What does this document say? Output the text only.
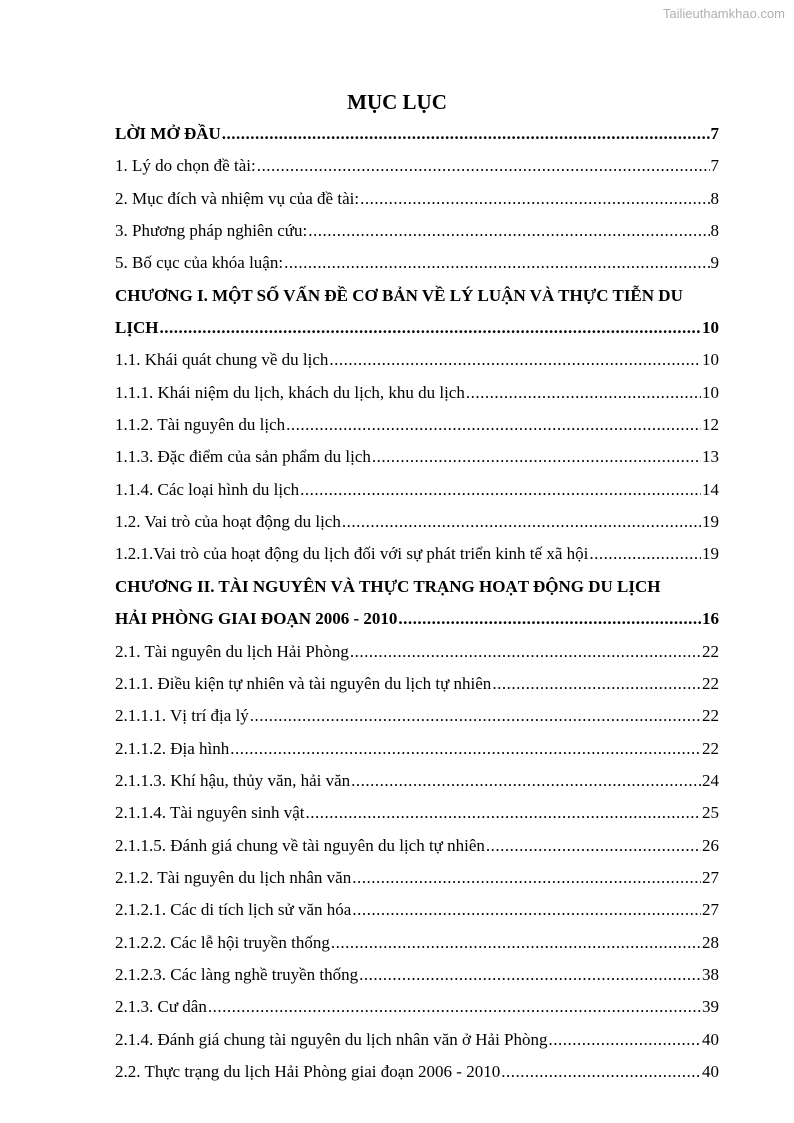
Tailieuthamkhao.com
MỤC LỤC
LỜI MỞ ĐẦU .....	7
1. Lý do chọn đề tài: .....	7
2. Mục đích và nhiệm vụ của đề tài: .....	8
3. Phương pháp nghiên cứu: .....	8
5. Bố cục của khóa luận: .....	9
CHƯƠNG I. MỘT SỐ VẤN ĐỀ CƠ BẢN VỀ LÝ LUẬN VÀ THỰC TIỄN DU
LỊCH .....	10
1.1. Khái quát chung về du lịch .....	10
1.1.1. Khái niệm du lịch, khách du lịch, khu du lịch .....	10
1.1.2. Tài nguyên du lịch .....	12
1.1.3. Đặc điểm của sản phẩm du lịch .....	13
1.1.4. Các loại hình du lịch .....	14
1.2. Vai trò của hoạt động du lịch .....	19
1.2.1.Vai trò của hoạt động du lịch đối với sự phát triển kinh tế xã hội .....	19
CHƯƠNG II. TÀI NGUYÊN VÀ THỰC TRẠNG HOẠT ĐỘNG DU LỊCH
HẢI PHÒNG GIAI ĐOẠN 2006 - 2010 .....	16
2.1. Tài nguyên du lịch Hải Phòng .....	22
2.1.1. Điều kiện tự nhiên và tài nguyên du lịch tự nhiên .....	22
2.1.1.1. Vị trí địa lý .....	22
2.1.1.2. Địa hình .....	22
2.1.1.3. Khí hậu, thủy văn, hải văn .....	24
2.1.1.4. Tài nguyên sinh vật .....	25
2.1.1.5. Đánh giá chung về tài nguyên du lịch tự nhiên .....	26
2.1.2. Tài nguyên du lịch nhân văn .....	27
2.1.2.1. Các di tích lịch sử văn hóa .....	27
2.1.2.2. Các lễ hội truyền thống .....	28
2.1.2.3. Các làng nghề truyền thống .....	38
2.1.3. Cư dân .....	39
2.1.4. Đánh giá chung tài nguyên du lịch nhân văn ở Hải Phòng .....	40
2.2. Thực trạng du lịch Hải Phòng giai đoạn 2006 - 2010 .....	40
